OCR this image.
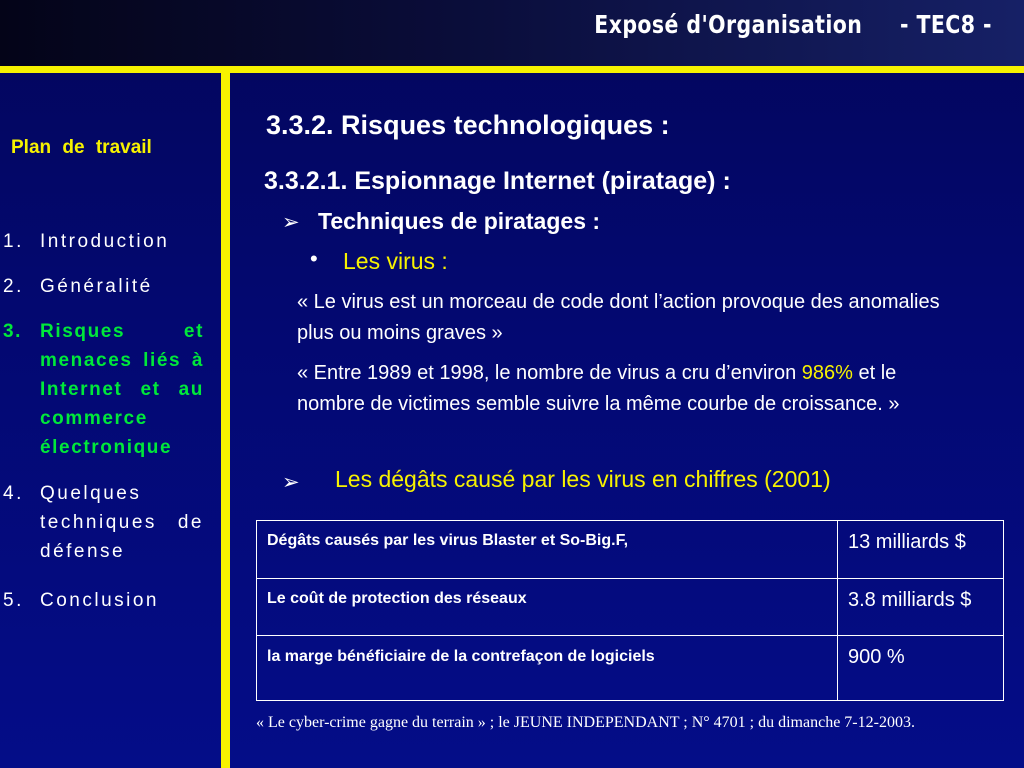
Exposé d'Organisation     - TEC8 -
Plan de travail
1. Introduction
2. Généralité
3. Risques et menaces liés à Internet et au commerce électronique
4. Quelques techniques de défense
5. Conclusion
3.3.2. Risques technologiques :
3.3.2.1. Espionnage Internet (piratage) :
➢ Techniques de piratages :
• Les virus :
« Le virus est un morceau de code dont l’action provoque des anomalies plus ou moins graves »
« Entre 1989 et 1998, le nombre de virus a cru d’environ 986% et le nombre de victimes semble suivre la même courbe de croissance. »
➢ Les dégâts causé par les virus en chiffres (2001)
Dégâts causés par les virus Blaster et So-Big.F,	13 milliards $
Le coût de protection des réseaux	3.8 milliards $
la marge bénéficiaire de la contrefaçon de logiciels	900 %
« Le cyber-crime gagne du terrain » ; le JEUNE INDEPENDANT ; N° 4701 ; du dimanche 7-12-2003.
